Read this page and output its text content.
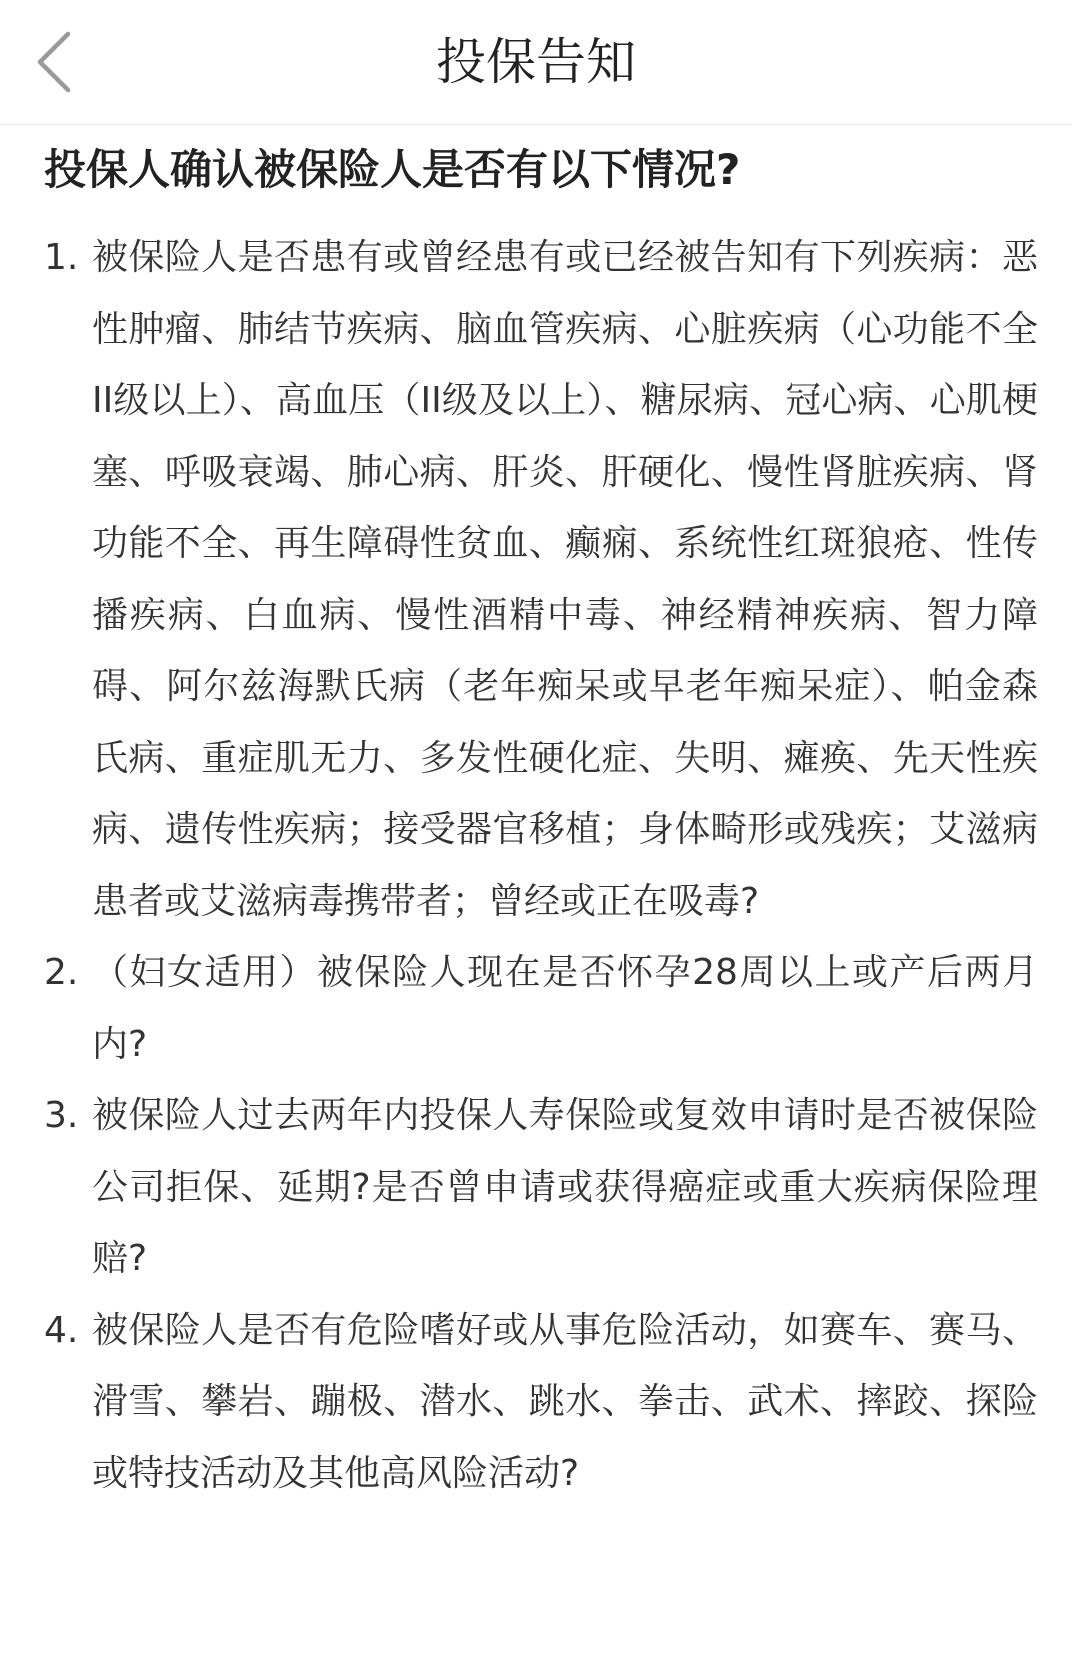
投保告知
投保人确认被保险人是否有以下情况?
1. 被保险人是否患有或曾经患有或已经被告知有下列疾病：恶性肿瘤、肺结节疾病、脑血管疾病、心脏疾病（心功能不全II级以上）、高血压（II级及以上）、糖尿病、冠心病、心肌梗塞、呼吸衰竭、肺心病、肝炎、肝硬化、慢性肾脏疾病、肾功能不全、再生障碍性贫血、癫痫、系统性红斑狼疮、性传播疾病、白血病、慢性酒精中毒、神经精神疾病、智力障碍、阿尔兹海默氏病（老年痴呆或早老年痴呆症）、帕金森氏病、重症肌无力、多发性硬化症、失明、瘫痪、先天性疾病、遗传性疾病；接受器官移植；身体畸形或残疾；艾滋病患者或艾滋病毒携带者；曾经或正在吸毒?
2. （妇女适用）被保险人现在是否怀孕28周以上或产后两月内?
3. 被保险人过去两年内投保人寿保险或复效申请时是否被保险公司拒保、延期?是否曾申请或获得癌症或重大疾病保险理赔?
4. 被保险人是否有危险嗜好或从事危险活动，如赛车、赛马、滑雪、攀岩、蹦极、潜水、跳水、拳击、武术、摔跤、探险或特技活动及其他高风险活动?
